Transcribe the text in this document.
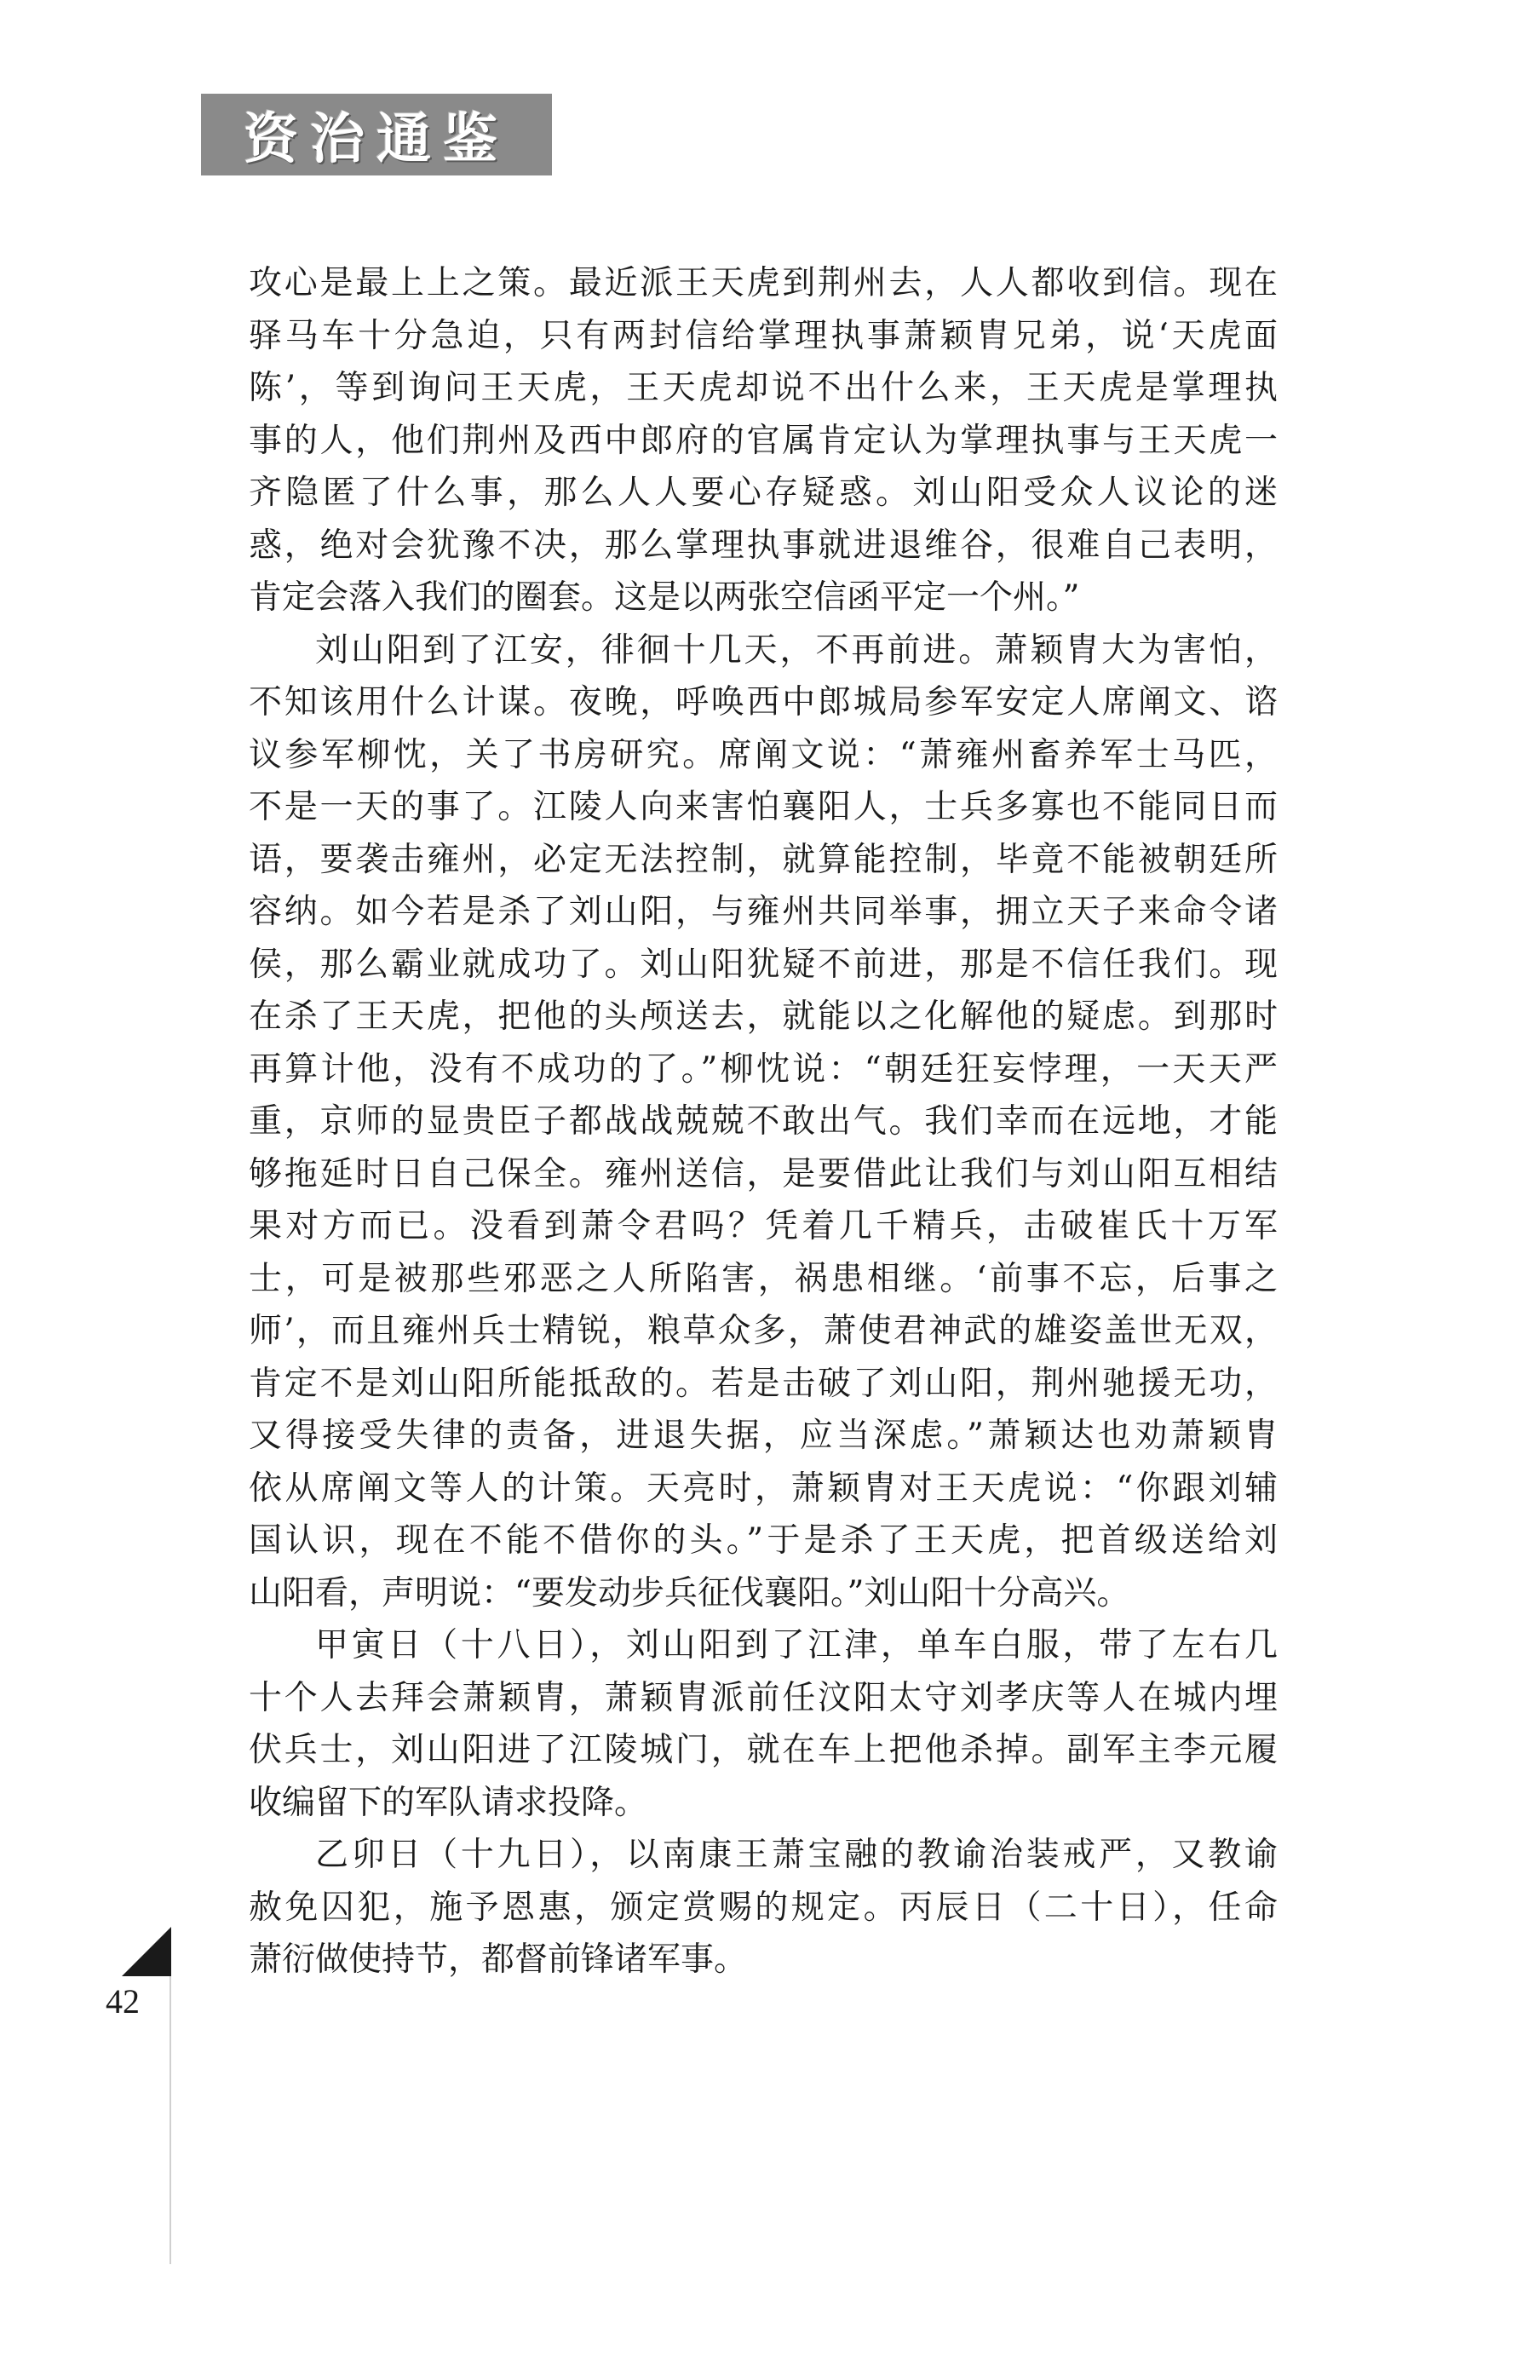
资治通鉴
攻心是最上上之策。最近派王天虎到荆州去，人人都收到信。现在
驿马车十分急迫，只有两封信给掌理执事萧颖胄兄弟，说‘天虎面
陈’，等到询问王天虎，王天虎却说不出什么来，王天虎是掌理执
事的人，他们荆州及西中郎府的官属肯定认为掌理执事与王天虎一
齐隐匿了什么事，那么人人要心存疑惑。刘山阳受众人议论的迷
惑，绝对会犹豫不决，那么掌理执事就进退维谷，很难自己表明，
肯定会落入我们的圈套。这是以两张空信函平定一个州。”
刘山阳到了江安，徘徊十几天，不再前进。萧颖胄大为害怕，
不知该用什么计谋。夜晚，呼唤西中郎城局参军安定人席阐文、谘
议参军柳忱，关了书房研究。席阐文说：“萧雍州畜养军士马匹，
不是一天的事了。江陵人向来害怕襄阳人，士兵多寡也不能同日而
语，要袭击雍州，必定无法控制，就算能控制，毕竟不能被朝廷所
容纳。如今若是杀了刘山阳，与雍州共同举事，拥立天子来命令诸
侯，那么霸业就成功了。刘山阳犹疑不前进，那是不信任我们。现
在杀了王天虎，把他的头颅送去，就能以之化解他的疑虑。到那时
再算计他，没有不成功的了。”柳忱说：“朝廷狂妄悖理，一天天严
重，京师的显贵臣子都战战兢兢不敢出气。我们幸而在远地，才能
够拖延时日自己保全。雍州送信，是要借此让我们与刘山阳互相结
果对方而已。没看到萧令君吗？凭着几千精兵，击破崔氏十万军
士，可是被那些邪恶之人所陷害，祸患相继。‘前事不忘，后事之
师’，而且雍州兵士精锐，粮草众多，萧使君神武的雄姿盖世无双，
肯定不是刘山阳所能抵敌的。若是击破了刘山阳，荆州驰援无功，
又得接受失律的责备，进退失据，应当深虑。”萧颖达也劝萧颖胄
依从席阐文等人的计策。天亮时，萧颖胄对王天虎说：“你跟刘辅
国认识，现在不能不借你的头。”于是杀了王天虎，把首级送给刘
山阳看，声明说：“要发动步兵征伐襄阳。”刘山阳十分高兴。
甲寅日（十八日），刘山阳到了江津，单车白服，带了左右几
十个人去拜会萧颖胄，萧颖胄派前任汶阳太守刘孝庆等人在城内埋
伏兵士，刘山阳进了江陵城门，就在车上把他杀掉。副军主李元履
收编留下的军队请求投降。
乙卯日（十九日），以南康王萧宝融的教谕治装戒严，又教谕
赦免囚犯，施予恩惠，颁定赏赐的规定。丙辰日（二十日），任命
萧衍做使持节，都督前锋诸军事。
42
